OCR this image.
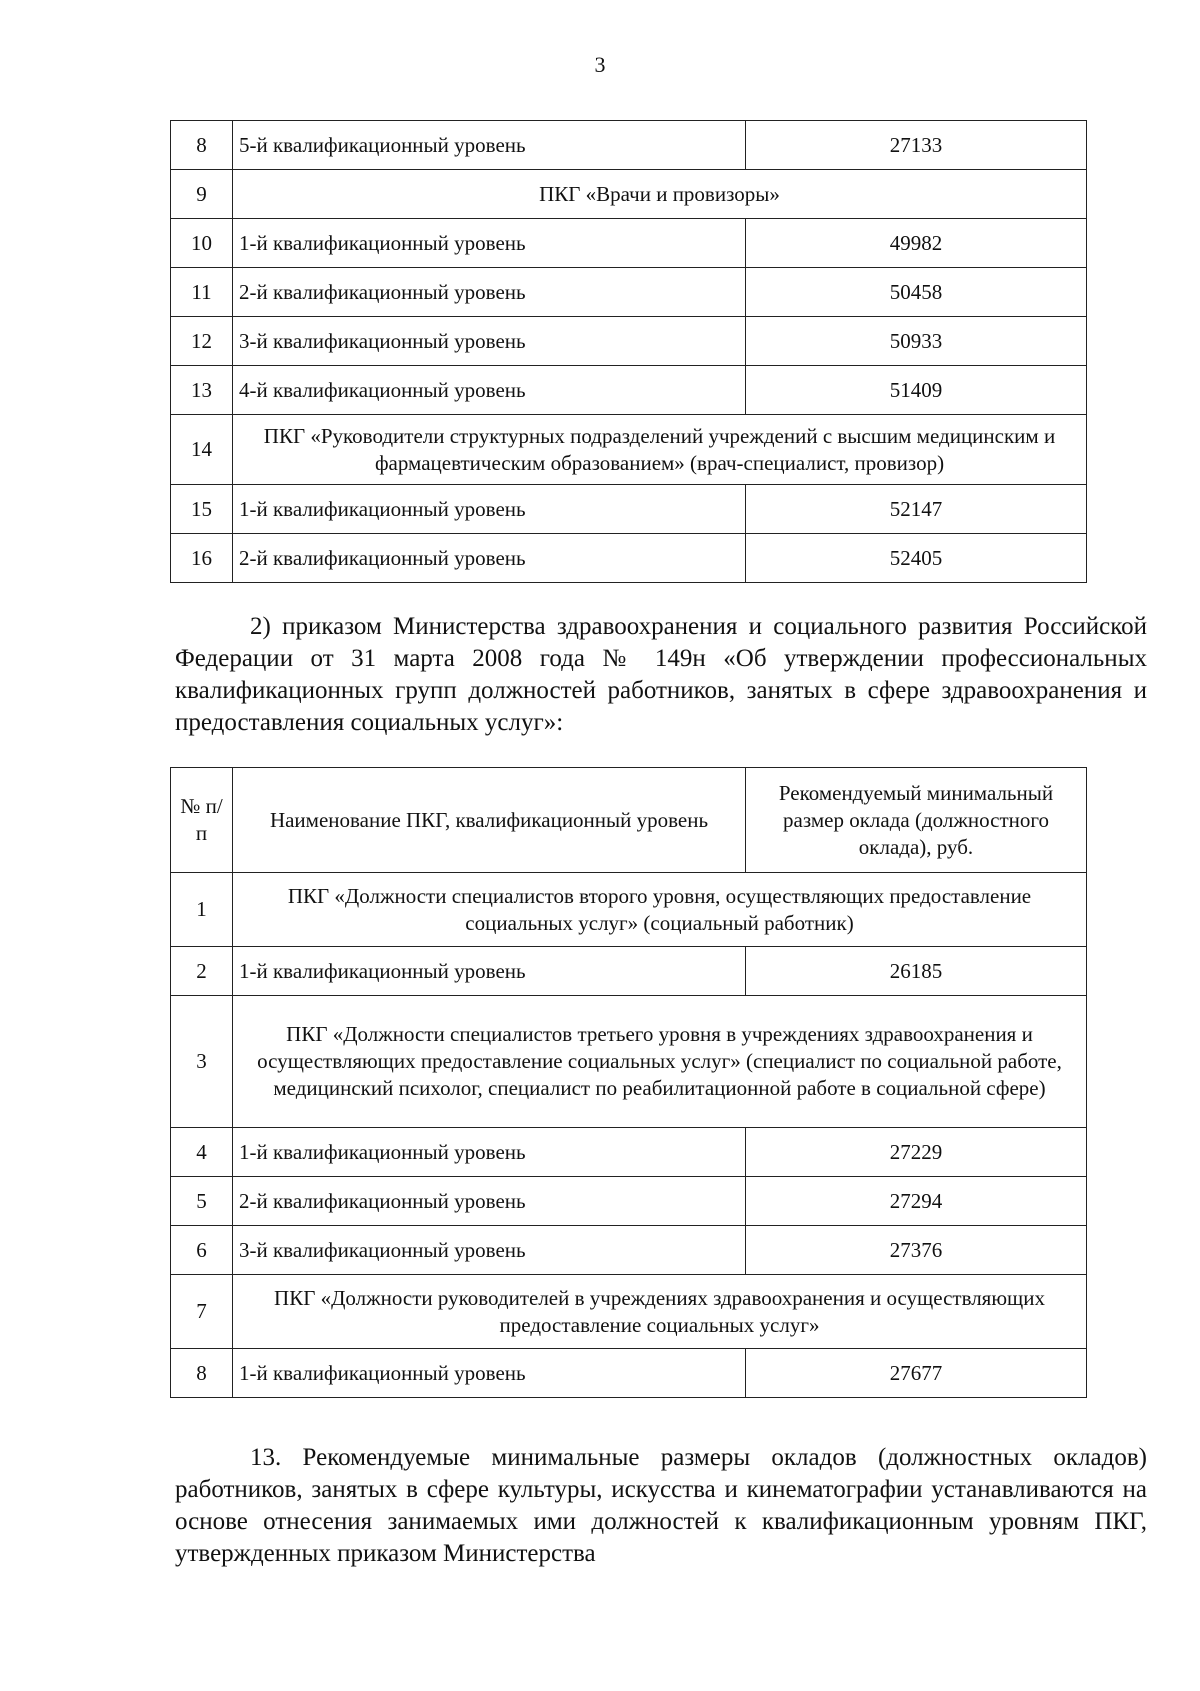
3
8	5-й квалификационный уровень	27133
9	ПКГ «Врачи и провизоры»	
10	1-й квалификационный уровень	49982
11	2-й квалификационный уровень	50458
12	3-й квалификационный уровень	50933
13	4-й квалификационный уровень	51409
14	ПКГ «Руководители структурных подразделений учреждений с высшим медицинским и фармацевтическим образованием» (врач-специалист, провизор)	
15	1-й квалификационный уровень	52147
16	2-й квалификационный уровень	52405

2) приказом Министерства здравоохранения и социального развития Российской Федерации от 31 марта 2008 года № 149н «Об утверждении профессиональных квалификационных групп должностей работников, занятых в сфере здравоохранения и предоставления социальных услуг»:

№ п/п	Наименование ПКГ, квалификационный уровень	Рекомендуемый минимальный размер оклада (должностного оклада), руб.
1	ПКГ «Должности специалистов второго уровня, осуществляющих предоставление социальных услуг» (социальный работник)	
2	1-й квалификационный уровень	26185
3	ПКГ «Должности специалистов третьего уровня в учреждениях здравоохранения и осуществляющих предоставление социальных услуг» (специалист по социальной работе, медицинский психолог, специалист по реабилитационной работе в социальной сфере)	
4	1-й квалификационный уровень	27229
5	2-й квалификационный уровень	27294
6	3-й квалификационный уровень	27376
7	ПКГ «Должности руководителей в учреждениях здравоохранения и осуществляющих предоставление социальных услуг»	
8	1-й квалификационный уровень	27677

13. Рекомендуемые минимальные размеры окладов (должностных окладов) работников, занятых в сфере культуры, искусства и кинематографии устанавливаются на основе отнесения занимаемых ими должностей к квалификационным уровням ПКГ, утвержденных приказом Министерства
